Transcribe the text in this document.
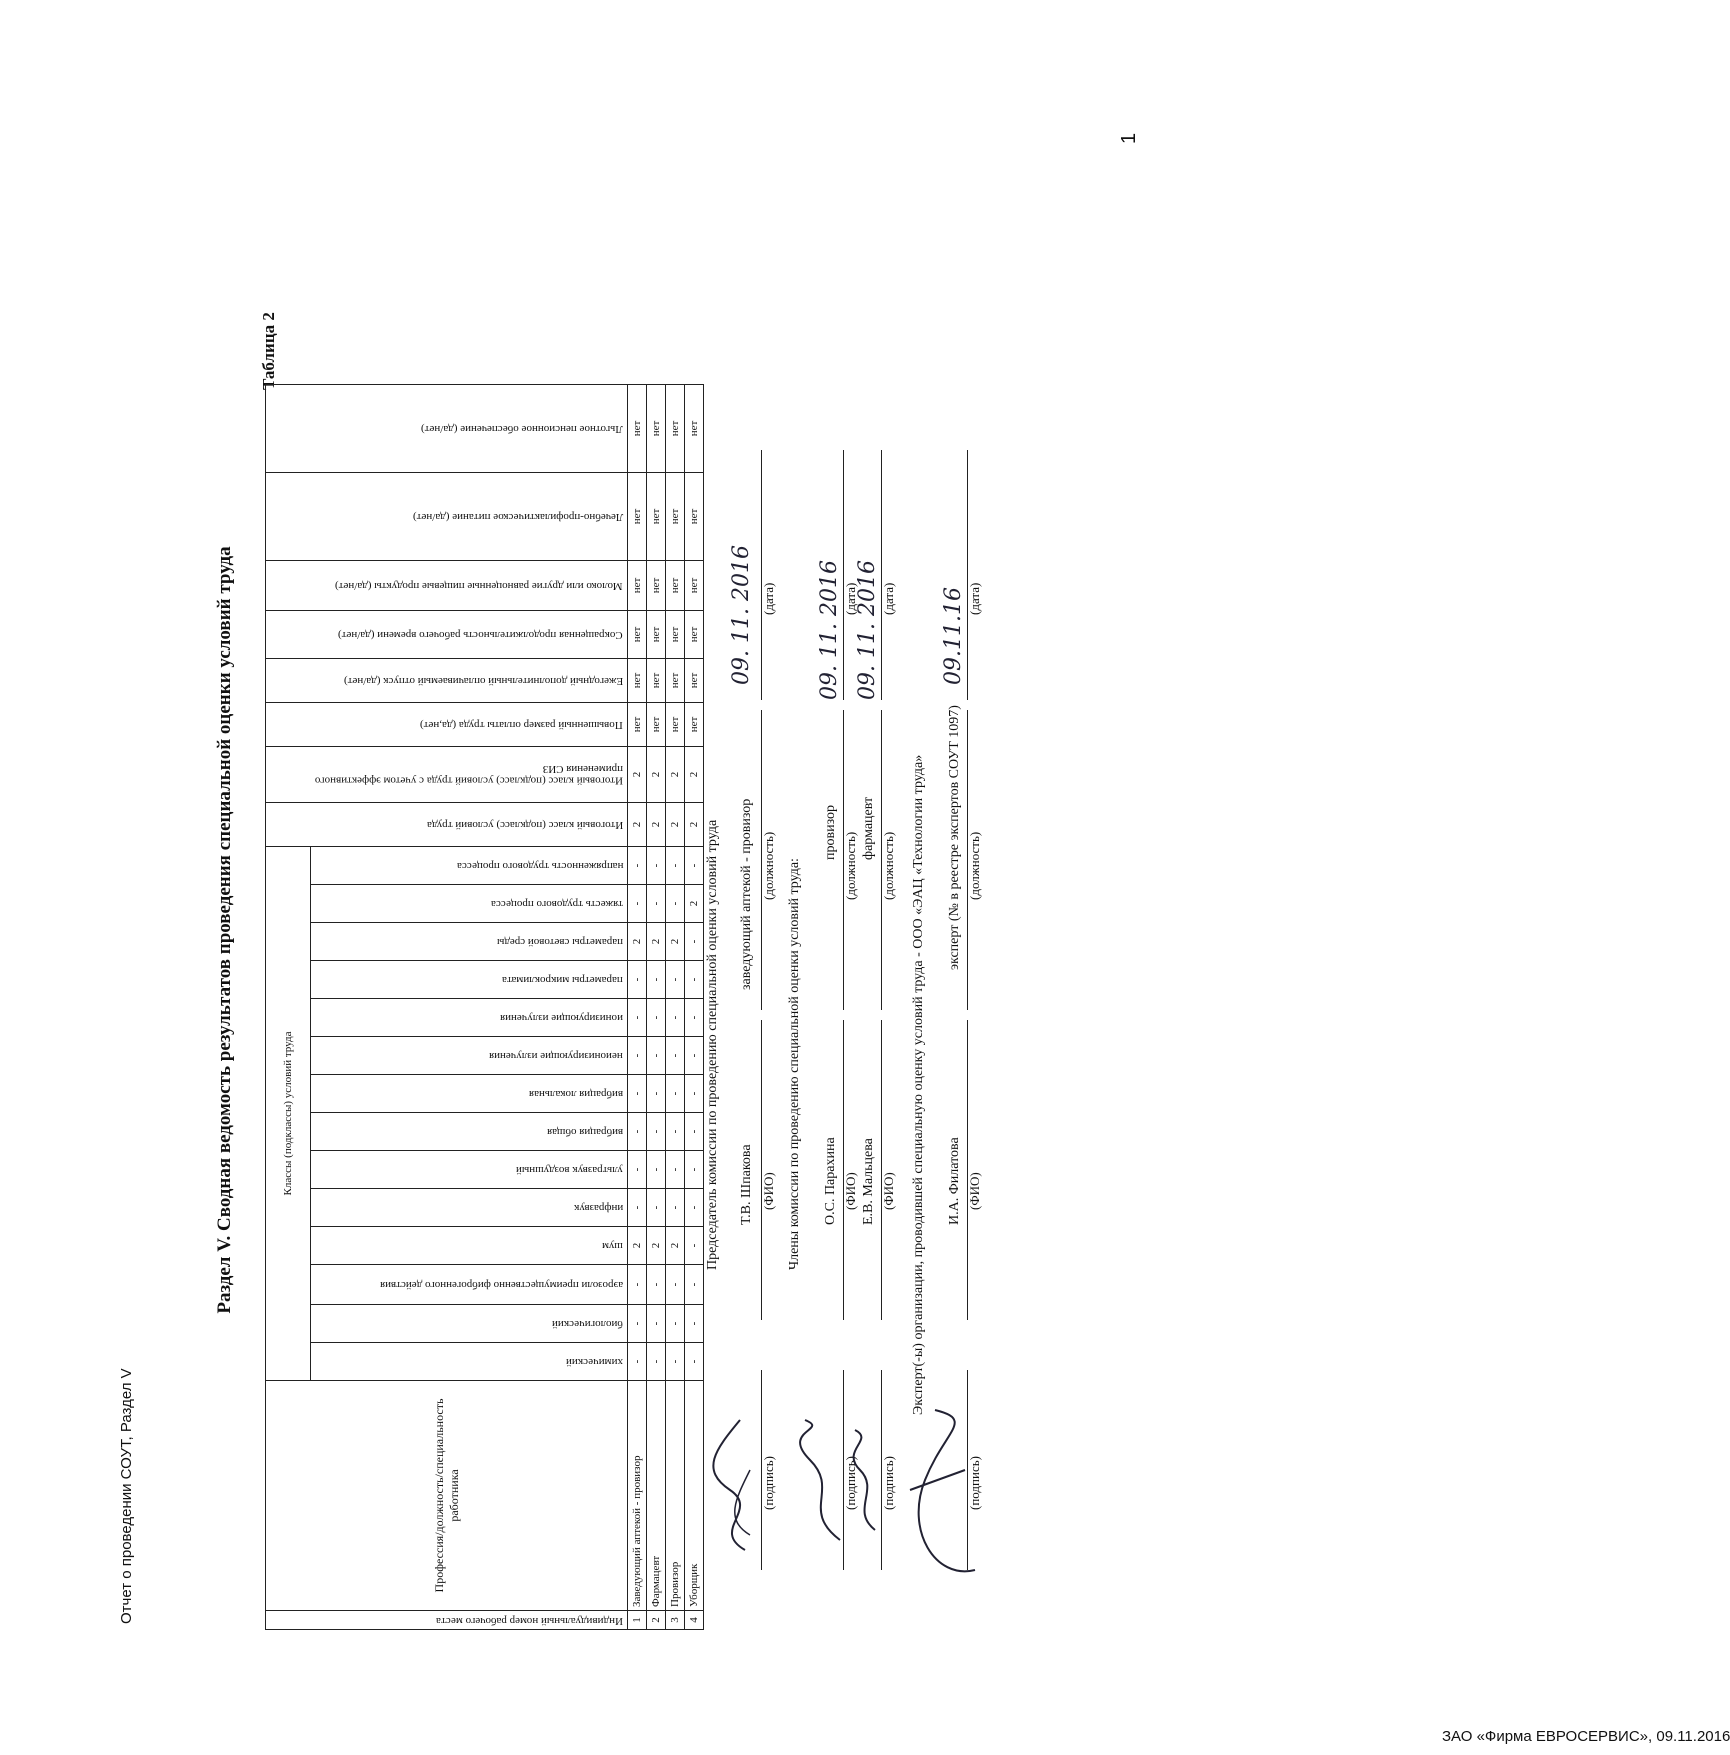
Отчет о проведении СОУТ, Раздел V
1
ЗАО «Фирма ЕВРОСЕРВИС», 09.11.2016
Раздел V. Сводная ведомость результатов проведения специальной оценки условий труда
Таблица 2
Индивидуальный номер рабочего места	Профессия/должность/специальность работника	Классы (подклассы) условий труда														Итоговый класс (подкласс) условий труда	Итоговый класс (подкласс) условий труда с учетом эффективного применения СИЗ	Повышенный размер оплаты труда (да,нет)	Ежегодный дополнительный оплачиваемый отпуск (да/нет)	Сокращенная продолжительность рабочего времени (да/нет)	Молоко или другие равноценные пищевые продукты (да/нет)	Лечебно-профилактическое питание (да/нет)	Льготное пенсионное обеспечение (да/нет)

		химический	биологический	аэрозоли преимущественно фиброгенного действия	шум	инфразвук	ультразвук воздушный	вибрация общая	вибрация локальная	неионизирующие излучения	ионизирующие излучения	параметры микроклимата	параметры световой среды	тяжесть трудового процесса	напряженность трудового процесса								

1	Заведующий аптекой - провизор	-	-	-	2	-	-	-	-	-	-	-	2	-	-	2	2	нет	нет	нет	нет	нет	нет
2	Фармацевт	-	-	-	2	-	-	-	-	-	-	-	2	-	-	2	2	нет	нет	нет	нет	нет	нет
3	Провизор	-	-	-	2	-	-	-	-	-	-	-	2	-	-	2	2	нет	нет	нет	нет	нет	нет
4	Уборщик	-	-	-	-	-	-	-	-	-	-	-	-	2	-	2	2	нет	нет	нет	нет	нет	нет
Председатель комиссии по проведению специальной оценки условий труда Т.В. Шпакова
заведующий аптекой - провизор
09. 11. 2016
(подпись)
(ФИО)
(должность)
(дата)
Члены комиссии по проведению специальной оценки условий труда: О.С. Парахина
провизор
09. 11. 2016
(подпись)
(ФИО)
(должность)
(дата)
Е.В. Мальцева
фармацевт
09. 11. 2016
(подпись)
(ФИО)
(должность)
(дата)
Эксперт(-ы) организации, проводившей специальную оценку условий труда - ООО «ЭАЦ «Технологии труда» И.А. Филатова
эксперт (№ в реестре экспертов СОУТ 1097)
09.11.16
(подпись)
(ФИО)
(должность)
(дата)
